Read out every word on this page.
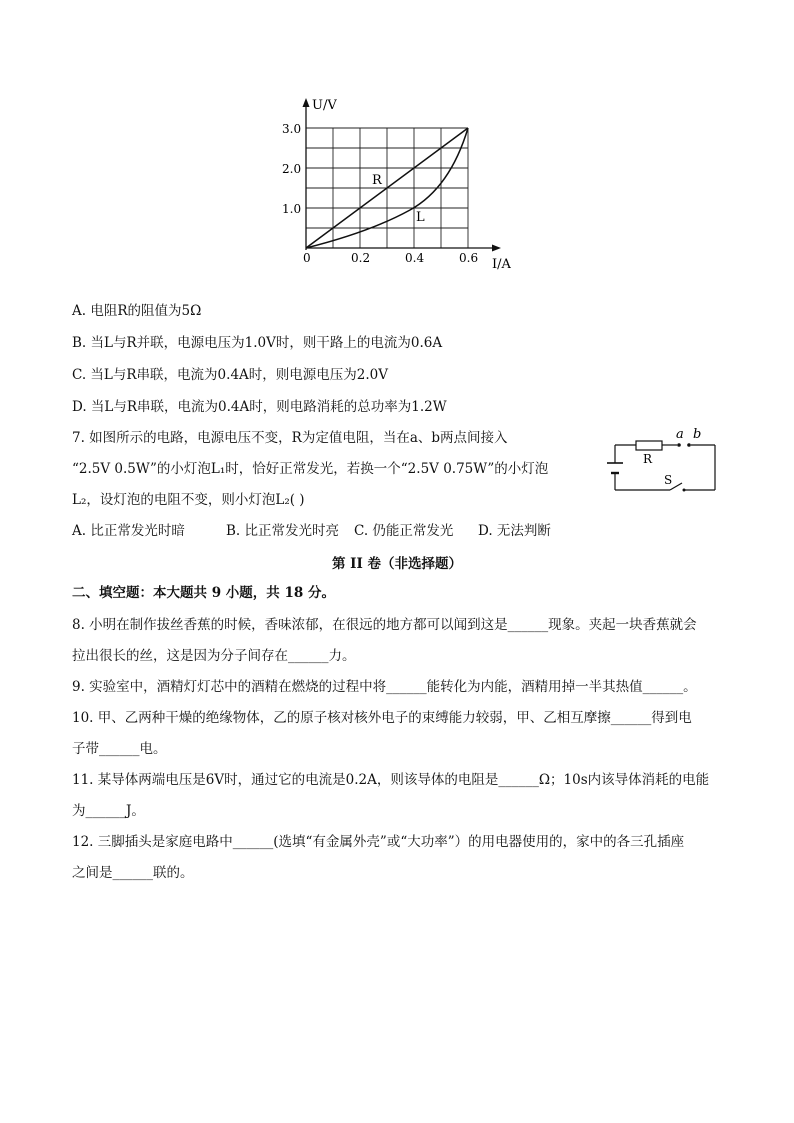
U/V
I/A
3.0
2.0
1.0
0	0.2	0.4	0.6
R
L
A. 电阻R的阻值为5Ω
B. 当L与R并联，电源电压为1.0V时，则干路上的电流为0.6A
C. 当L与R串联，电流为0.4A时，则电源电压为2.0V
D. 当L与R串联，电流为0.4A时，则电路消耗的总功率为1.2W
7. 如图所示的电路，电源电压不变，R为定值电阻，当在a、b两点间接入
“2.5V 0.5W”的小灯泡L₁时，恰好正常发光，若换一个“2.5V 0.75W”的小灯泡
L₂，设灯泡的电阻不变，则小灯泡L₂( )
a b
R
S
A. 比正常发光时暗	B. 比正常发光时亮 C. 仍能正常发光 D. 无法判断
第 II 卷（非选择题）
二、填空题：本大题共 9 小题，共 18 分。
8. 小明在制作拔丝香蕉的时候，香味浓郁，在很远的地方都可以闻到这是______现象。夹起一块香蕉就会
拉出很长的丝，这是因为分子间存在______力。
9. 实验室中，酒精灯灯芯中的酒精在燃烧的过程中将______能转化为内能，酒精用掉一半其热值______。
10. 甲、乙两种干燥的绝缘物体，乙的原子核对核外电子的束缚能力较弱，甲、乙相互摩擦______得到电
子带______电。
11. 某导体两端电压是6V时，通过它的电流是0.2A，则该导体的电阻是______Ω；10s内该导体消耗的电能
为______J。
12. 三脚插头是家庭电路中______(选填“有金属外壳”或“大功率”）的用电器使用的，家中的各三孔插座
之间是______联的。
